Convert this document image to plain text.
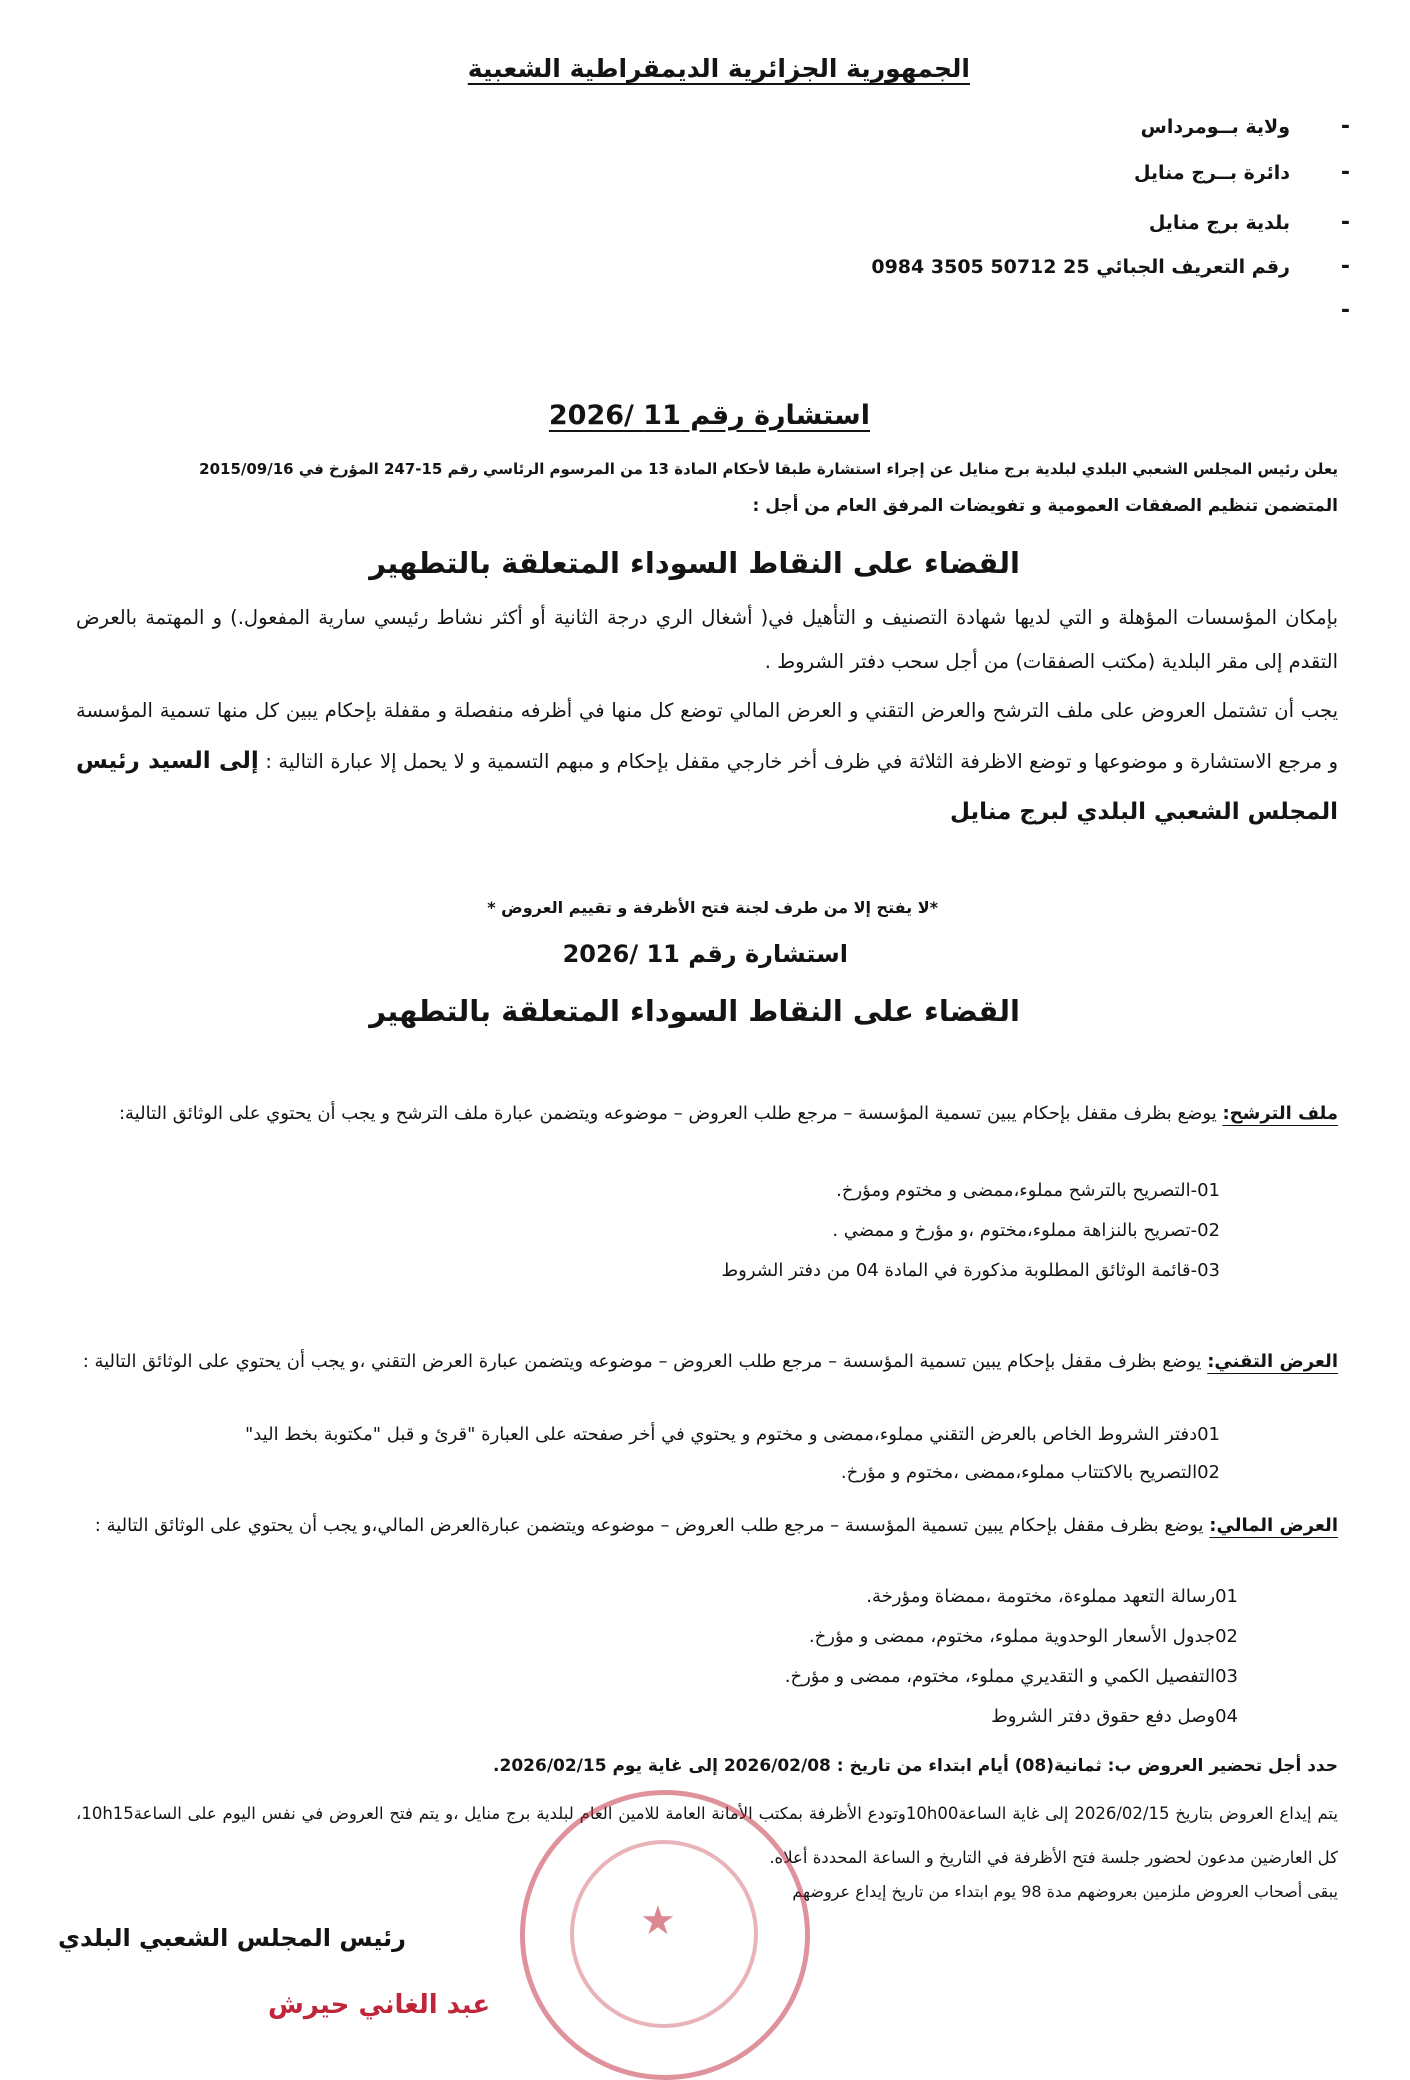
الجمهورية الجزائرية الديمقراطية الشعبية
-
ولاية بــومرداس
-
دائرة بــرج منايل
-
بلدية برج منايل
-
رقم التعريف الجبائي 25 50712 3505 0984
-
استشارة رقم 11 /2026
يعلن رئيس المجلس الشعبي البلدي لبلدية برج منايل عن إجراء استشارة طبقا لأحكام المادة 13 من المرسوم الرئاسي رقم 15-247 المؤرخ في 2015/09/16
المتضمن تنظيم الصفقات العمومية و تفويضات المرفق العام من أجل :
القضاء على النقاط السوداء المتعلقة بالتطهير
بإمكان المؤسسات المؤهلة و التي لديها شهادة التصنيف و التأهيل في( أشغال الري درجة الثانية أو أكثر نشاط رئيسي سارية المفعول.) و المهتمة بالعرض التقدم إلى مقر البلدية (مكتب الصفقات) من أجل سحب دفتر الشروط .
يجب أن تشتمل العروض على ملف الترشح والعرض التقني و العرض المالي توضع كل منها في أظرفه منفصلة و مقفلة بإحكام يبين كل منها تسمية المؤسسة و مرجع الاستشارة و موضوعها و توضع الاظرفة الثلاثة في ظرف أخر خارجي مقفل بإحكام و مبهم التسمية و لا يحمل إلا عبارة التالية : إلى السيد رئيس المجلس الشعبي البلدي لبرج منايل
*لا يفتح إلا من طرف لجنة فتح الأظرفة و تقييم العروض *
استشارة رقم 11 /2026
القضاء على النقاط السوداء المتعلقة بالتطهير
ملف الترشح: يوضع بظرف مقفل بإحكام يبين تسمية المؤسسة – مرجع طلب العروض – موضوعه ويتضمن عبارة ملف الترشح و يجب أن يحتوي على الوثائق التالية:
01-التصريح بالترشح مملوء،ممضى و مختوم ومؤرخ.
02-تصريح بالنزاهة مملوء،مختوم ،و مؤرخ و ممضي .
03-قائمة الوثائق المطلوبة مذكورة في المادة 04 من دفتر الشروط
العرض التقني: يوضع بظرف مقفل بإحكام يبين تسمية المؤسسة – مرجع طلب العروض – موضوعه ويتضمن عبارة العرض التقني ،و يجب أن يحتوي على الوثائق التالية :
01دفتر الشروط الخاص بالعرض التقني مملوء،ممضى و مختوم و يحتوي في أخر صفحته على العبارة "قرئ و قبل "مكتوبة بخط اليد"
02التصريح بالاكتتاب مملوء،ممضى ،مختوم و مؤرخ.
العرض المالي: يوضع بظرف مقفل بإحكام يبين تسمية المؤسسة – مرجع طلب العروض – موضوعه ويتضمن عبارةالعرض المالي،و يجب أن يحتوي على الوثائق التالية :
01رسالة التعهد مملوءة، مختومة ،ممضاة ومؤرخة.
02جدول الأسعار الوحدوية مملوء، مختوم، ممضى و مؤرخ.
03التفصيل الكمي و التقديري مملوء، مختوم، ممضى و مؤرخ.
04وصل دفع حقوق دفتر الشروط
حدد أجل تحضير العروض ب: ثمانية(08) أيام ابتداء من تاريخ : 2026/02/08 إلى غاية يوم 2026/02/15.
يتم إيداع العروض بتاريخ 2026/02/15 إلى غاية الساعة10h00وتودع الأظرفة بمكتب الأمانة العامة للامين العام لبلدية برج منايل ،و يتم فتح العروض في نفس اليوم على الساعة10h15، كل العارضين مدعون لحضور جلسة فتح الأظرفة في التاريخ و الساعة المحددة أعلاه.
يبقى أصحاب العروض ملزمين بعروضهم مدة 98 يوم ابتداء من تاريخ إيداع عروضهم
★
رئيس المجلس الشعبي البلدي
عبد الغاني حيرش
